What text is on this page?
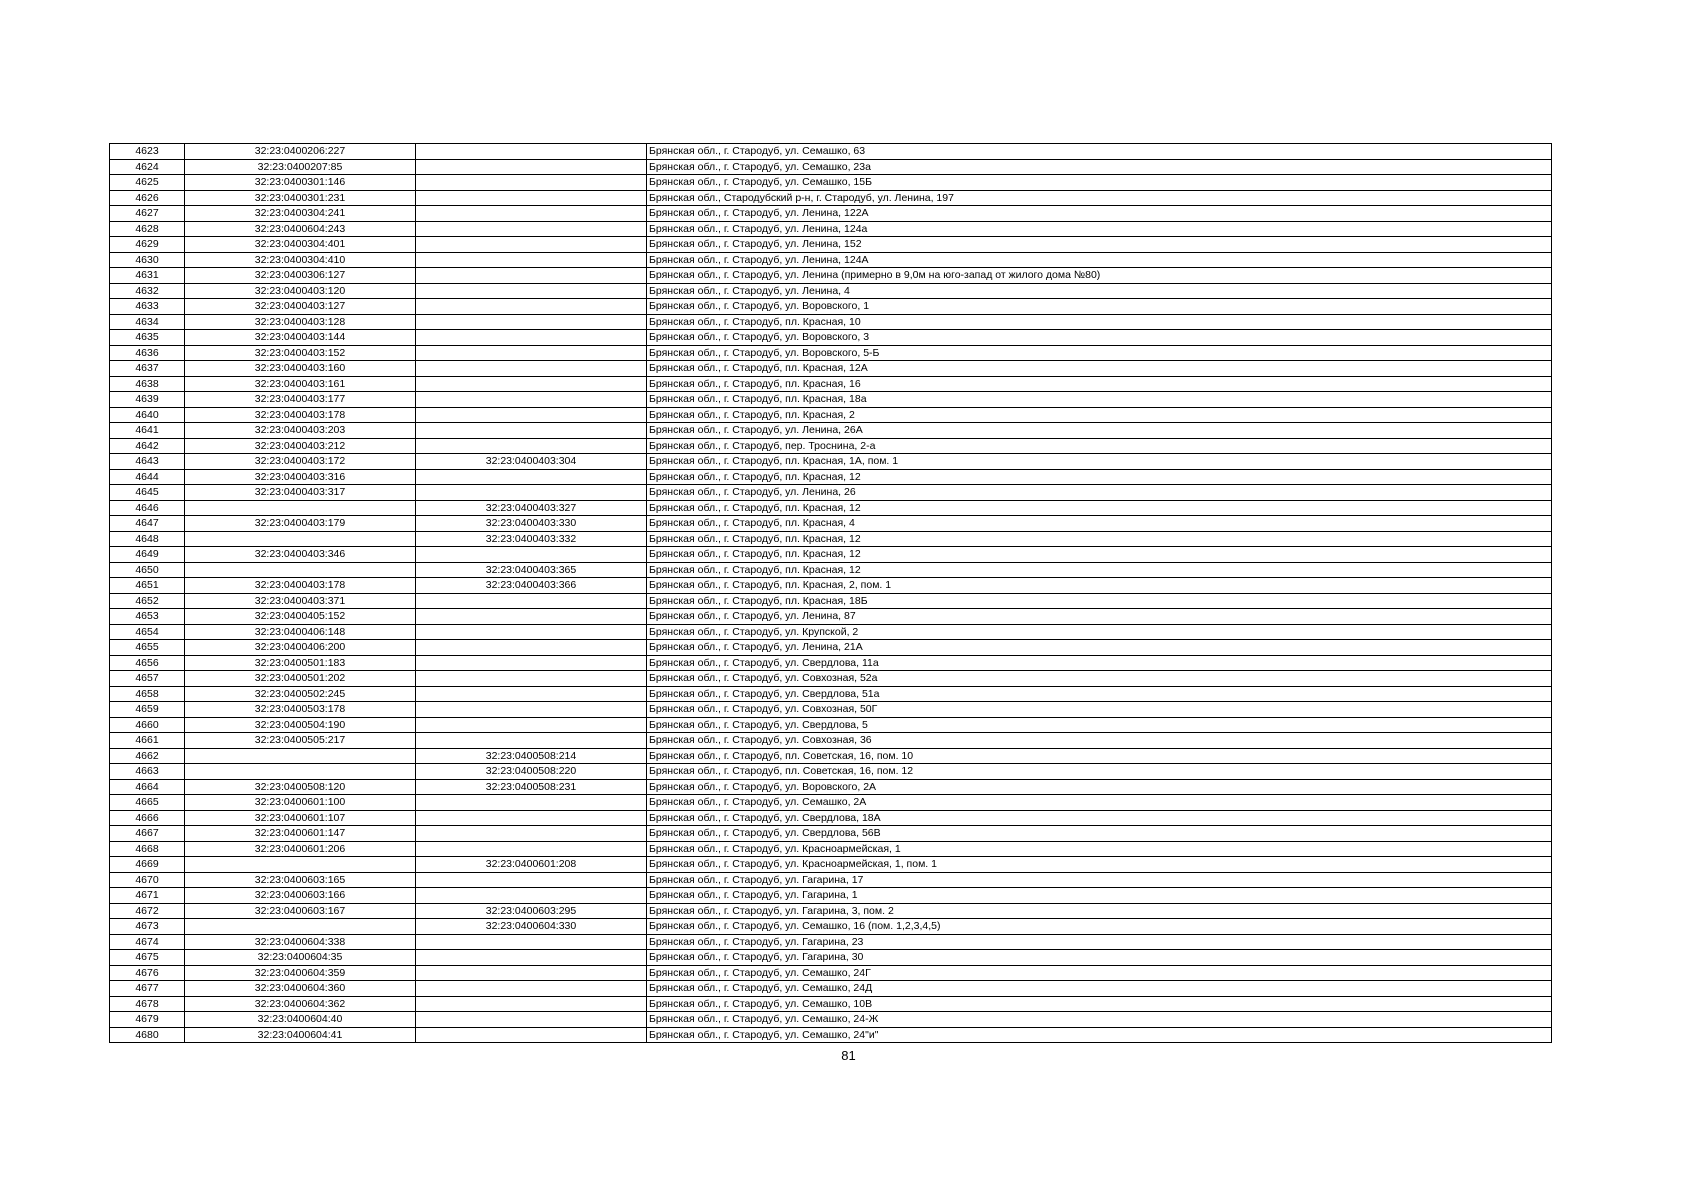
4623	32:23:0400206:227		Брянская обл., г. Стародуб, ул. Семашко, 63
4624	32:23:0400207:85		Брянская обл., г. Стародуб, ул. Семашко, 23а
4625	32:23:0400301:146		Брянская обл., г. Стародуб, ул. Семашко, 15Б
4626	32:23:0400301:231		Брянская обл., Стародубский р-н, г. Стародуб, ул. Ленина, 197
4627	32:23:0400304:241		Брянская обл., г. Стародуб, ул. Ленина, 122А
4628	32:23:0400604:243		Брянская обл., г. Стародуб, ул. Ленина, 124а
4629	32:23:0400304:401		Брянская обл., г. Стародуб, ул. Ленина, 152
4630	32:23:0400304:410		Брянская обл., г. Стародуб, ул. Ленина, 124А
4631	32:23:0400306:127		Брянская обл., г. Стародуб, ул. Ленина (примерно в 9,0м на юго-запад от жилого дома №80)
4632	32:23:0400403:120		Брянская обл., г. Стародуб, ул. Ленина, 4
4633	32:23:0400403:127		Брянская обл., г. Стародуб, ул. Воровского, 1
4634	32:23:0400403:128		Брянская обл., г. Стародуб, пл. Красная, 10
4635	32:23:0400403:144		Брянская обл., г. Стародуб, ул. Воровского, 3
4636	32:23:0400403:152		Брянская обл., г. Стародуб, ул. Воровского, 5-Б
4637	32:23:0400403:160		Брянская обл., г. Стародуб, пл. Красная, 12А
4638	32:23:0400403:161		Брянская обл., г. Стародуб, пл. Красная, 16
4639	32:23:0400403:177		Брянская обл., г. Стародуб, пл. Красная, 18а
4640	32:23:0400403:178		Брянская обл., г. Стародуб, пл. Красная, 2
4641	32:23:0400403:203		Брянская обл., г. Стародуб, ул. Ленина, 26А
4642	32:23:0400403:212		Брянская обл., г. Стародуб, пер. Троснина, 2-а
4643	32:23:0400403:172	32:23:0400403:304	Брянская обл., г. Стародуб, пл. Красная, 1А, пом. 1
4644	32:23:0400403:316		Брянская обл., г. Стародуб, пл. Красная, 12
4645	32:23:0400403:317		Брянская обл., г. Стародуб, ул. Ленина, 26
4646		32:23:0400403:327	Брянская обл., г. Стародуб, пл. Красная, 12
4647	32:23:0400403:179	32:23:0400403:330	Брянская обл., г. Стародуб, пл. Красная, 4
4648		32:23:0400403:332	Брянская обл., г. Стародуб, пл. Красная, 12
4649	32:23:0400403:346		Брянская обл., г. Стародуб, пл. Красная, 12
4650		32:23:0400403:365	Брянская обл., г. Стародуб, пл. Красная, 12
4651	32:23:0400403:178	32:23:0400403:366	Брянская обл., г. Стародуб, пл. Красная, 2, пом. 1
4652	32:23:0400403:371		Брянская обл., г. Стародуб, пл. Красная, 18Б
4653	32:23:0400405:152		Брянская обл., г. Стародуб, ул. Ленина, 87
4654	32:23:0400406:148		Брянская обл., г. Стародуб, ул. Крупской, 2
4655	32:23:0400406:200		Брянская обл., г. Стародуб, ул. Ленина, 21А
4656	32:23:0400501:183		Брянская обл., г. Стародуб, ул. Свердлова, 11а
4657	32:23:0400501:202		Брянская обл., г. Стародуб, ул. Совхозная, 52а
4658	32:23:0400502:245		Брянская обл., г. Стародуб, ул. Свердлова, 51а
4659	32:23:0400503:178		Брянская обл., г. Стародуб, ул. Совхозная, 50Г
4660	32:23:0400504:190		Брянская обл., г. Стародуб, ул. Свердлова, 5
4661	32:23:0400505:217		Брянская обл., г. Стародуб, ул. Совхозная, 36
4662		32:23:0400508:214	Брянская обл., г. Стародуб, пл. Советская, 16, пом. 10
4663		32:23:0400508:220	Брянская обл., г. Стародуб, пл. Советская, 16, пом. 12
4664	32:23:0400508:120	32:23:0400508:231	Брянская обл., г. Стародуб, ул. Воровского, 2А
4665	32:23:0400601:100		Брянская обл., г. Стародуб, ул. Семашко, 2А
4666	32:23:0400601:107		Брянская обл., г. Стародуб, ул. Свердлова, 18А
4667	32:23:0400601:147		Брянская обл., г. Стародуб, ул. Свердлова, 56В
4668	32:23:0400601:206		Брянская обл., г. Стародуб, ул. Красноармейская, 1
4669		32:23:0400601:208	Брянская обл., г. Стародуб, ул. Красноармейская, 1, пом. 1
4670	32:23:0400603:165		Брянская обл., г. Стародуб, ул. Гагарина, 17
4671	32:23:0400603:166		Брянская обл., г. Стародуб, ул. Гагарина, 1
4672	32:23:0400603:167	32:23:0400603:295	Брянская обл., г. Стародуб, ул. Гагарина, 3, пом. 2
4673		32:23:0400604:330	Брянская обл., г. Стародуб, ул. Семашко, 16 (пом. 1,2,3,4,5)
4674	32:23:0400604:338		Брянская обл., г. Стародуб, ул. Гагарина, 23
4675	32:23:0400604:35		Брянская обл., г. Стародуб, ул. Гагарина, 30
4676	32:23:0400604:359		Брянская обл., г. Стародуб, ул. Семашко, 24Г
4677	32:23:0400604:360		Брянская обл., г. Стародуб, ул. Семашко, 24Д
4678	32:23:0400604:362		Брянская обл., г. Стародуб, ул. Семашко, 10В
4679	32:23:0400604:40		Брянская обл., г. Стародуб, ул. Семашко, 24-Ж
4680	32:23:0400604:41		Брянская обл., г. Стародуб, ул. Семашко, 24"и"
81
